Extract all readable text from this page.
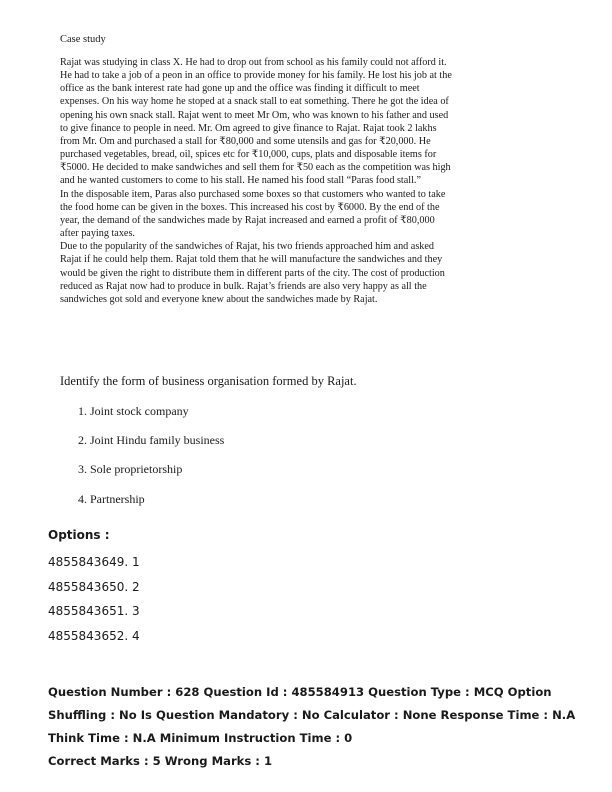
Case study

Rajat was studying in class X. He had to drop out from school as his family could not afford it. He had to take a job of a peon in an office to provide money for his family. He lost his job at the office as the bank interest rate had gone up and the office was finding it difficult to meet expenses. On his way home he stoped at a snack stall to eat something. There he got the idea of opening his own snack stall. Rajat went to meet Mr Om, who was known to his father and used to give finance to people in need. Mr. Om agreed to give finance to Rajat. Rajat took 2 lakhs from Mr. Om and purchased a stall for ₹80,000 and some utensils and gas for ₹20,000. He purchased vegetables, bread, oil, spices etc for ₹10,000, cups, plats and disposable items for ₹5000. He decided to make sandwiches and sell them for ₹50 each as the competition was high and he wanted customers to come to his stall. He named his food stall “Paras food stall.”

In the disposable item, Paras also purchased some boxes so that customers who wanted to take the food home can be given in the boxes. This increased his cost by ₹6000. By the end of the year, the demand of the sandwiches made by Rajat increased and earned a profit of ₹80,000 after paying taxes.

Due to the popularity of the sandwiches of Rajat, his two friends approached him and asked Rajat if he could help them. Rajat told them that he will manufacture the sandwiches and they would be given the right to distribute them in different parts of the city. The cost of production reduced as Rajat now had to produce in bulk. Rajat’s friends are also very happy as all the sandwiches got sold and everyone knew about the sandwiches made by Rajat.

Identify the form of business organisation formed by Rajat.
1. Joint stock company
2. Joint Hindu family business
3. Sole proprietorship
4. Partnership
Options :
4855843649. 1
4855843650. 2
4855843651. 3
4855843652. 4

Question Number : 628 Question Id : 485584913 Question Type : MCQ Option Shuffling : No Is Question Mandatory : No Calculator : None Response Time : N.A Think Time : N.A Minimum Instruction Time : 0

Correct Marks : 5 Wrong Marks : 1
